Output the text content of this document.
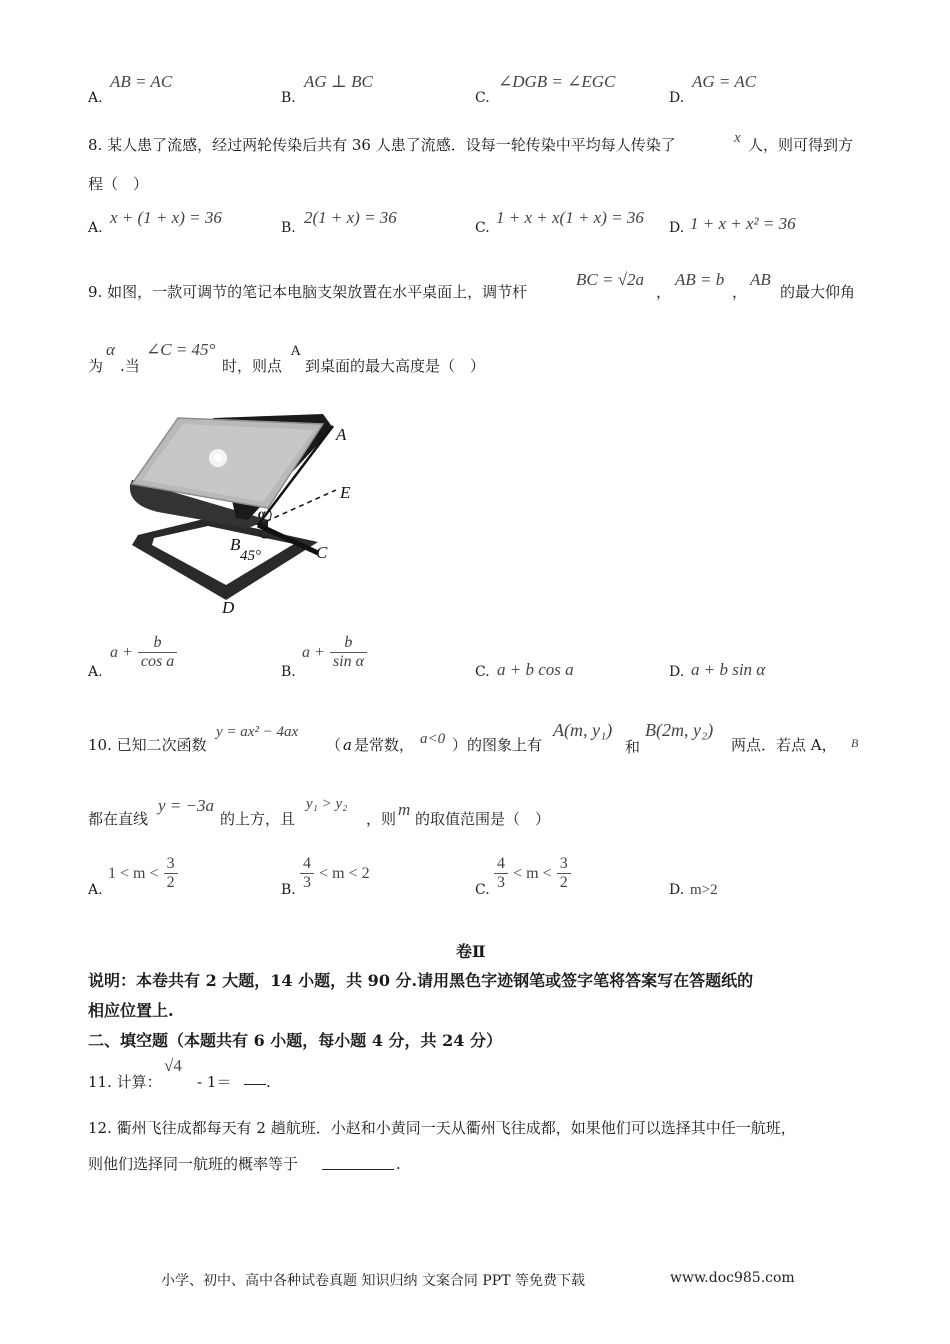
A.
AB = AC
B.
AG ⊥ BC
C.
∠DGB = ∠EGC
D.
AG = AC
8. 某人患了流感，经过两轮传染后共有 36 人患了流感．设每一轮传染中平均每人传染了	x 人，则可得到方
程（　）
A.
x + (1 + x) = 36
B.
2(1 + x) = 36
C.
1 + x + x(1 + x) = 36
D. 1 + x + x² = 36
9. 如图，一款可调节的笔记本电脑支架放置在水平桌面上，调节杆
BC = √2a
，
AB = b
，
AB
的最大仰角
为
α
.当
∠C = 45°
时，则点
A
到桌面的最大高度是（　）
A
E
α
B
45°	C
D
A.
$a + \frac{b}{\text{cos a}}$
B.
$a + \frac{b}{\text{sin α}}$
C. a + b cos a	D. a + b sin α
10. 已知二次函数
y = ax² − 4ax
（ a 是常数， a<0 ）的图象上有
A(m, y₁)
和
B(2m, y₂)
两点．若点 A， B
都在直线
y = −3a
的上方，且
y₁ > y₂
，则 m 的取值范围是（　）
A.
$1 < m < \frac{3}{2}$	B. $\frac{4}{3} < m < 2$
C. $\frac{4}{3} < m < \frac{3}{2}$	D. m>2
卷Ⅱ
说明：本卷共有 2 大题，14 小题，共 90 分.请用黑色字迹钢笔或签字笔将答案写在答题纸的
相应位置上.
二、填空题（本题共有 6 小题，每小题 4 分，共 24 分）
11. 计算：
√4
- 1＝ .
12. 衢州飞往成都每天有 2 趟航班．小赵和小黄同一天从衢州飞往成都，如果他们可以选择其中任一航班，
则他们选择同一航班的概率等于	.
小学、初中、高中各种试卷真题 知识归纳 文案合同 PPT 等免费下载	www.doc985.com
